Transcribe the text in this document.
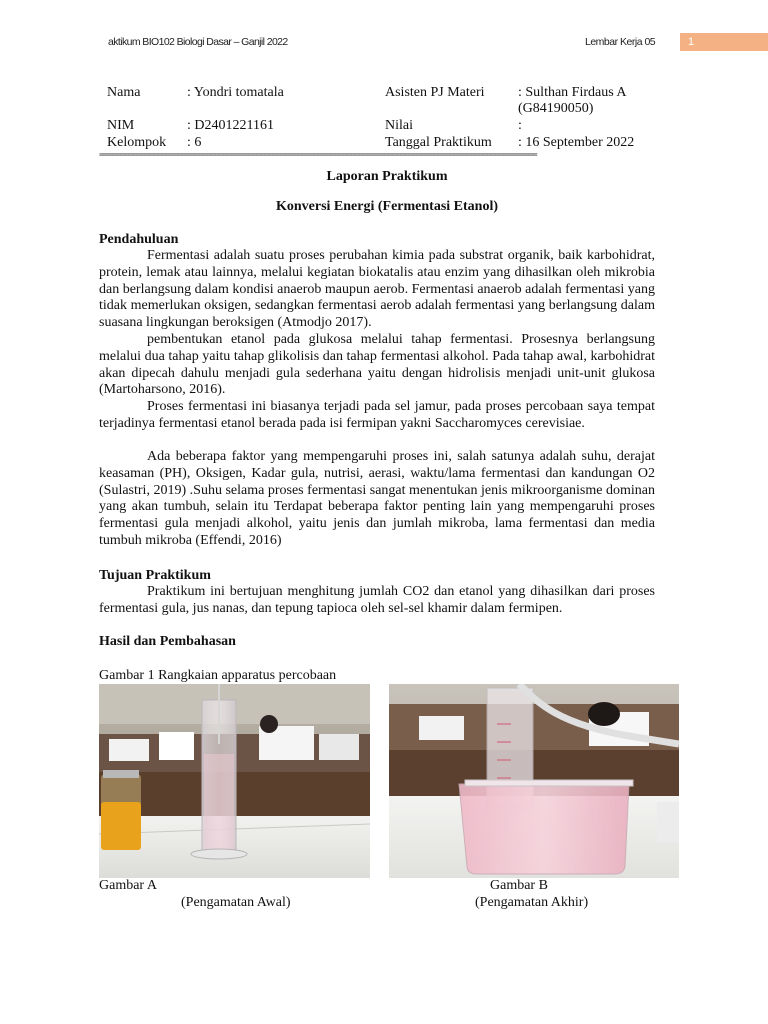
aktikum BIO102 Biologi Dasar – Ganjil 2022	Lembar Kerja 05	1
Nama	: Yondri tomatala	Asisten PJ Materi : Sulthan Firdaus A
(G84190050)
NIM	: D2401221161	Nilai	:
Kelompok : 6	Tanggal Praktikum : 16 September 2022
==========================================================================================================
Laporan Praktikum
Konversi Energi (Fermentasi Etanol)
Pendahuluan
Fermentasi adalah suatu proses perubahan kimia pada substrat organik, baik karbohidrat, protein, lemak atau lainnya, melalui kegiatan biokatalis atau enzim yang dihasilkan oleh mikrobia dan berlangsung dalam kondisi anaerob maupun aerob. Fermentasi anaerob adalah fermentasi yang tidak memerlukan oksigen, sedangkan fermentasi aerob adalah fermentasi yang berlangsung dalam suasana lingkungan beroksigen (Atmodjo 2017).
pembentukan etanol pada glukosa melalui tahap fermentasi. Prosesnya berlangsung melalui dua tahap yaitu tahap glikolisis dan tahap fermentasi alkohol. Pada tahap awal, karbohidrat akan dipecah dahulu menjadi gula sederhana yaitu dengan hidrolisis menjadi unit-unit glukosa (Martoharsono, 2016).
Proses fermentasi ini biasanya terjadi pada sel jamur, pada proses percobaan saya tempat terjadinya fermentasi etanol berada pada isi fermipan yakni Saccharomyces cerevisiae.
Ada beberapa faktor yang mempengaruhi proses ini, salah satunya adalah suhu, derajat keasaman (PH), Oksigen, Kadar gula, nutrisi, aerasi, waktu/lama fermentasi dan kandungan O2 (Sulastri, 2019) .Suhu selama proses fermentasi sangat menentukan jenis mikroorganisme dominan yang akan tumbuh, selain itu Terdapat beberapa faktor penting lain yang mempengaruhi proses fermentasi gula menjadi alkohol, yaitu jenis dan jumlah mikroba, lama fermentasi dan media tumbuh mikroba (Effendi, 2016)
Tujuan Praktikum
Praktikum ini bertujuan menghitung jumlah CO2 dan etanol yang dihasilkan dari proses fermentasi gula, jus nanas, dan tepung tapioca oleh sel-sel khamir dalam fermipen.
Hasil dan Pembahasan
Gambar 1 Rangkaian apparatus percobaan
Gambar A
(Pengamatan Awal)
Gambar B
(Pengamatan Akhir)
